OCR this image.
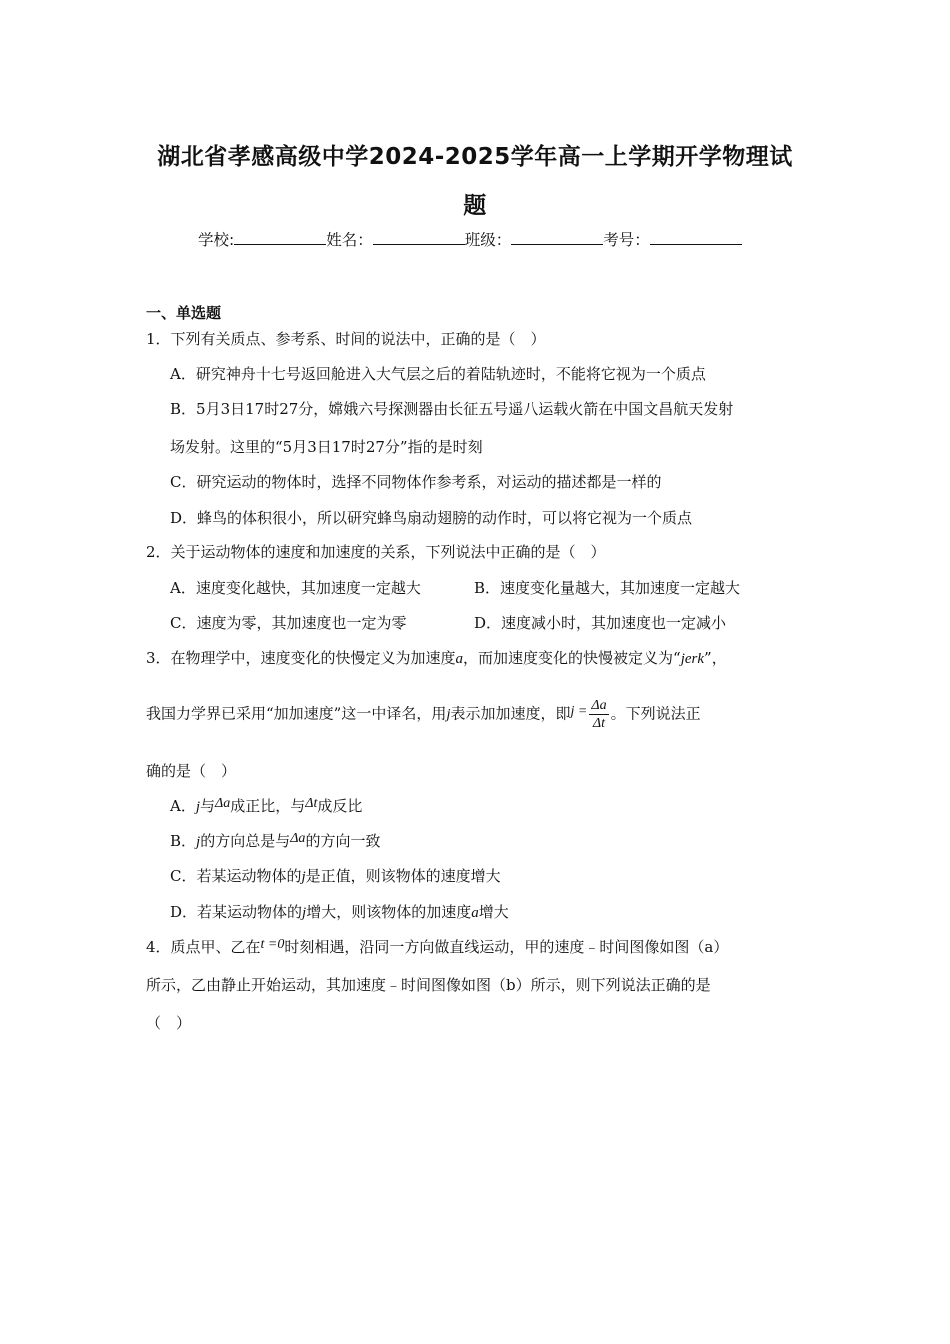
湖北省孝感高级中学2024-2025学年高一上学期开学物理试
题
学校:	姓名：	班级：	考号：
一、单选题
1．下列有关质点、参考系、时间的说法中，正确的是（　）
A．研究神舟十七号返回舱进入大气层之后的着陆轨迹时，不能将它视为一个质点
B．5月3日17时27分，嫦娥六号探测器由长征五号遥八运载火箭在中国文昌航天发射
场发射。这里的“5月3日17时27分”指的是时刻
C．研究运动的物体时，选择不同物体作参考系，对运动的描述都是一样的
D．蜂鸟的体积很小，所以研究蜂鸟扇动翅膀的动作时，可以将它视为一个质点
2．关于运动物体的速度和加速度的关系，下列说法中正确的是（　）
A．速度变化越快，其加速度一定越大	B．速度变化量越大，其加速度一定越大
C．速度为零，其加速度也一定为零	D．速度减小时，其加速度也一定减小
3．在物理学中，速度变化的快慢定义为加速度a，而加速度变化的快慢被定义为“jerk”，
我国力学界已采用“加加速度”这一中译名，用j表示加加速度，即$j = \frac{\Delta a}{\Delta t}$ 。下列说法正
确的是（　）
A．j与Δa成正比，与Δt成反比
B．j的方向总是与Δa的方向一致
C．若某运动物体的j是正值，则该物体的速度增大
D．若某运动物体的j增大，则该物体的加速度a增大
4．质点甲、乙在t =0时刻相遇，沿同一方向做直线运动，甲的速度﹣时间图像如图（a）
所示，乙由静止开始运动，其加速度﹣时间图像如图（b）所示，则下列说法正确的是
（　）
